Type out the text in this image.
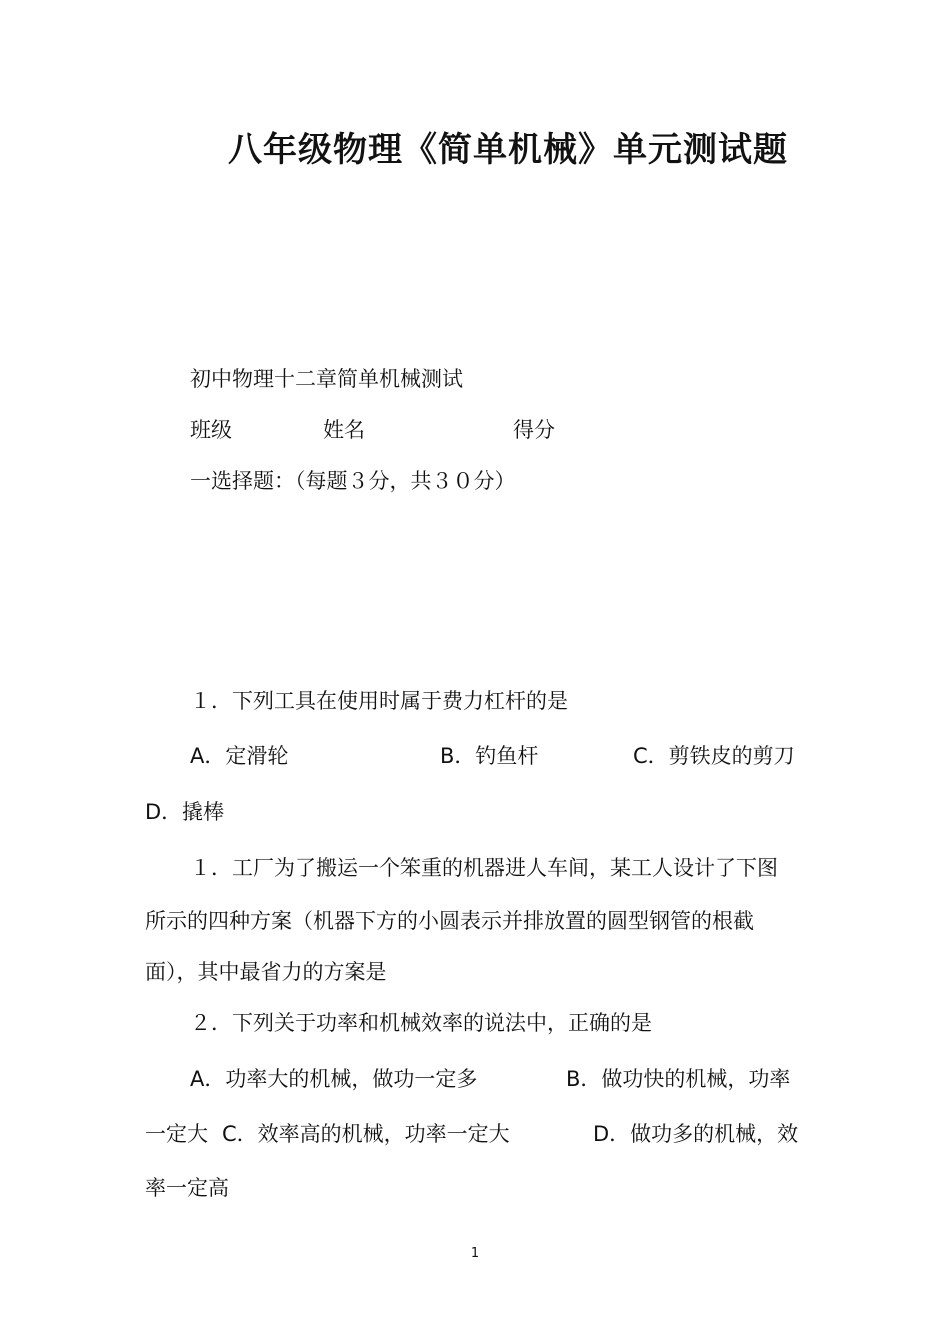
八年级物理《简单机械》单元测试题
初中物理十二章简单机械测试
班级	姓名	得分
一选择题：（每题３分，共３０分）
１．下列工具在使用时属于费力杠杆的是
A．定滑轮	B．钓鱼杆	C．剪铁皮的剪刀
D．撬棒
１．工厂为了搬运一个笨重的机器进人车间，某工人设计了下图
所示的四种方案（机器下方的小圆表示并排放置的圆型钢管的根截
面），其中最省力的方案是
２．下列关于功率和机械效率的说法中，正确的是
A．功率大的机械，做功一定多	B．做功快的机械，功率
一定大 C．效率高的机械，功率一定大	D．做功多的机械，效
率一定高
1
